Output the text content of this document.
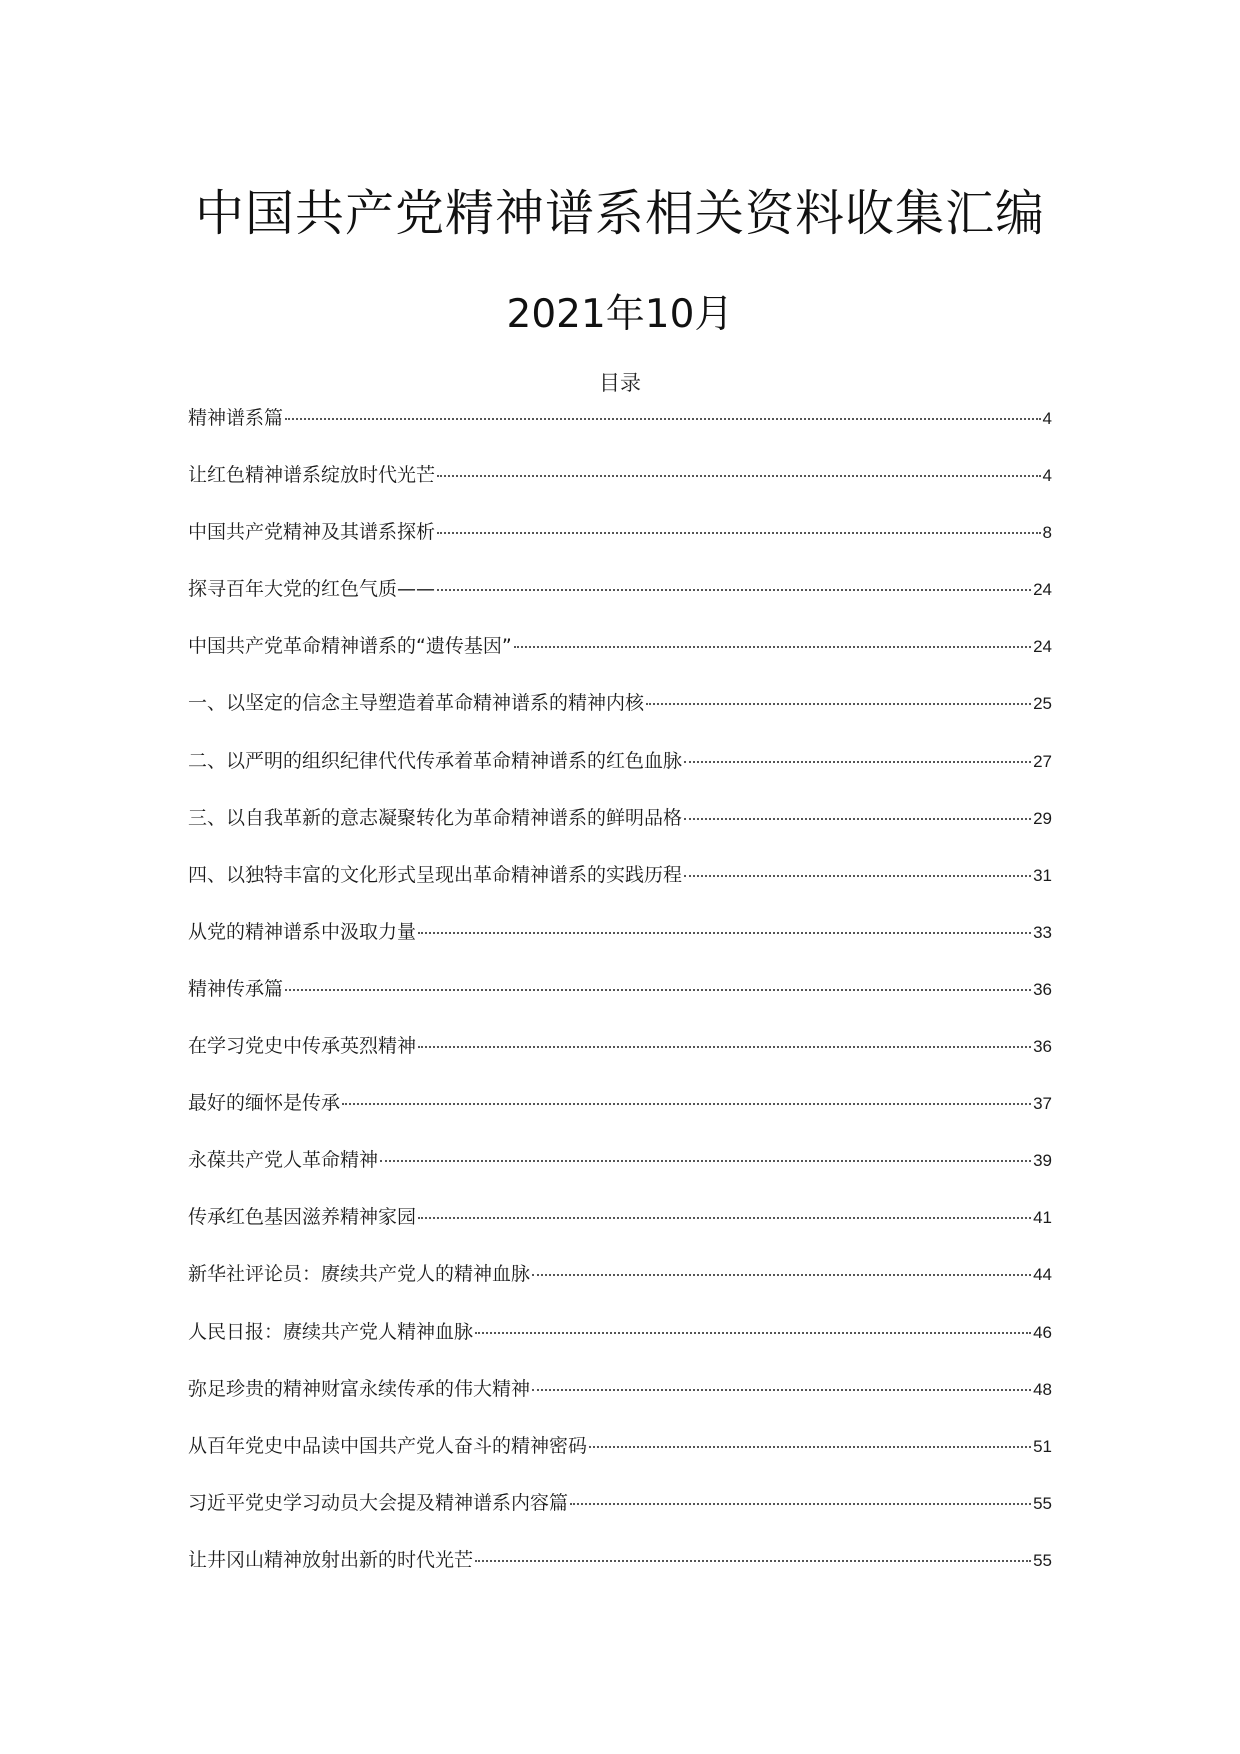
中国共产党精神谱系相关资料收集汇编
2021年10月
目录
精神谱系篇	4
让红色精神谱系绽放时代光芒	4
中国共产党精神及其谱系探析	8
探寻百年大党的红色气质——	24
中国共产党革命精神谱系的“遗传基因”	24
一、以坚定的信念主导塑造着革命精神谱系的精神内核	25
二、以严明的组织纪律代代传承着革命精神谱系的红色血脉	27
三、以自我革新的意志凝聚转化为革命精神谱系的鲜明品格	29
四、以独特丰富的文化形式呈现出革命精神谱系的实践历程	31
从党的精神谱系中汲取力量	33
精神传承篇	36
在学习党史中传承英烈精神	36
最好的缅怀是传承	37
永葆共产党人革命精神	39
传承红色基因滋养精神家园	41
新华社评论员：赓续共产党人的精神血脉	44
人民日报：赓续共产党人精神血脉	46
弥足珍贵的精神财富永续传承的伟大精神	48
从百年党史中品读中国共产党人奋斗的精神密码	51
习近平党史学习动员大会提及精神谱系内容篇	55
让井冈山精神放射出新的时代光芒	55
